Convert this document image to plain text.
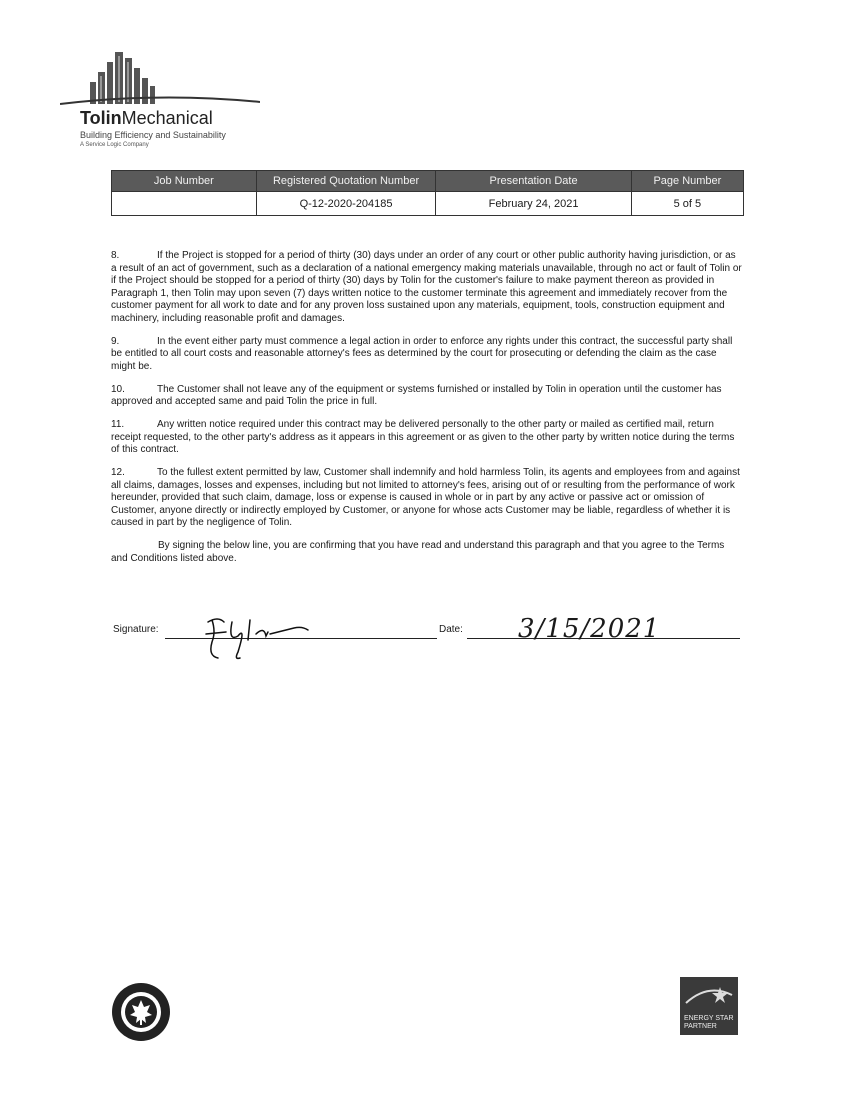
TolinMechanical
Building Efficiency and Sustainability
A Service Logic Company
Job Number	Registered Quotation Number	Presentation Date	Page Number
	Q-12-2020-204185	February 24, 2021	5 of 5

8.	If the Project is stopped for a period of thirty (30) days under an order of any court or other public authority having jurisdiction, or as a result of an act of government, such as a declaration of a national emergency making materials unavailable, through no act or fault of Tolin or if the Project should be stopped for a period of thirty (30) days by Tolin for the customer's failure to make payment thereon as provided in Paragraph 1, then Tolin may upon seven (7) days written notice to the customer terminate this agreement and immediately recover from the customer payment for all work to date and for any proven loss sustained upon any materials, equipment, tools, construction equipment and machinery, including reasonable profit and damages.

9.	In the event either party must commence a legal action in order to enforce any rights under this contract, the successful party shall be entitled to all court costs and reasonable attorney's fees as determined by the court for prosecuting or defending the claim as the case might be.

10.	The Customer shall not leave any of the equipment or systems furnished or installed by Tolin in operation until the customer has approved and accepted same and paid Tolin the price in full.

11.	Any written notice required under this contract may be delivered personally to the other party or mailed as certified mail, return receipt requested, to the other party's address as it appears in this agreement or as given to the other party by written notice during the terms of this contract.

12.	To the fullest extent permitted by law, Customer shall indemnify and hold harmless Tolin, its agents and employees from and against all claims, damages, losses and expenses, including but not limited to attorney's fees, arising out of or resulting from the performance of work hereunder, provided that such claim, damage, loss or expense is caused in whole or in part by any active or passive act or omission of Customer, anyone directly or indirectly employed by Customer, or anyone for whose acts Customer may be liable, regardless of whether it is caused in part by the negligence of Tolin.

By signing the below line, you are confirming that you have read and understand this paragraph and that you agree to the Terms and Conditions listed above.

Signature:	Date: 3/15/2021
ENERGY STAR
PARTNER
